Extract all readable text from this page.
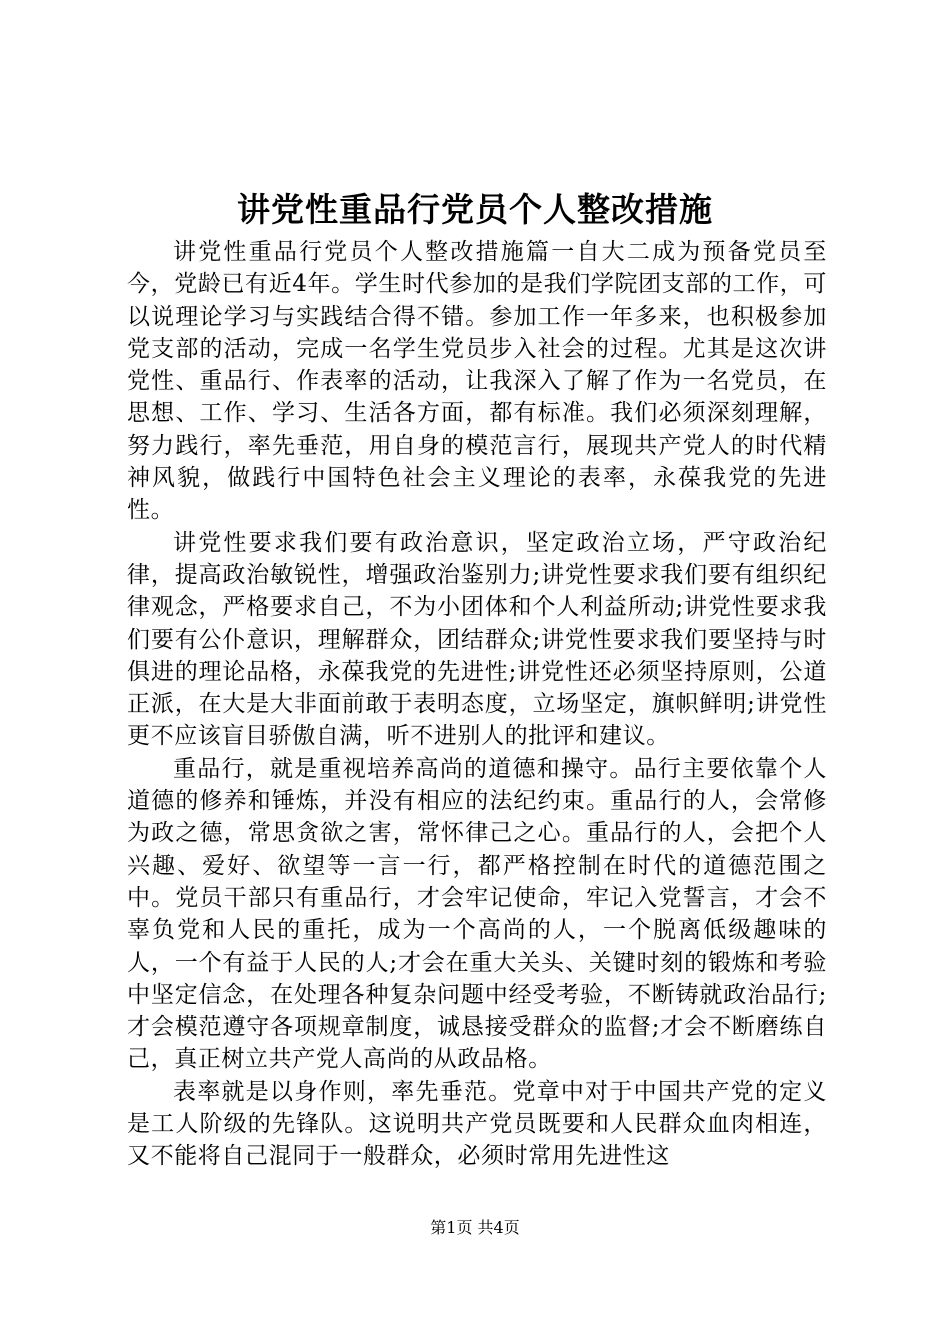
讲党性重品行党员个人整改措施

讲党性重品行党员个人整改措施篇一自大二成为预备党员至今，党龄已有近4年。学生时代参加的是我们学院团支部的工作，可以说理论学习与实践结合得不错。参加工作一年多来，也积极参加党支部的活动，完成一名学生党员步入社会的过程。尤其是这次讲党性、重品行、作表率的活动，让我深入了解了作为一名党员，在思想、工作、学习、生活各方面，都有标准。我们必须深刻理解，努力践行，率先垂范，用自身的模范言行，展现共产党人的时代精神风貌，做践行中国特色社会主义理论的表率，永葆我党的先进性。

讲党性要求我们要有政治意识，坚定政治立场，严守政治纪律，提高政治敏锐性，增强政治鉴别力;讲党性要求我们要有组织纪律观念，严格要求自己，不为小团体和个人利益所动;讲党性要求我们要有公仆意识，理解群众，团结群众;讲党性要求我们要坚持与时俱进的理论品格，永葆我党的先进性;讲党性还必须坚持原则，公道正派，在大是大非面前敢于表明态度，立场坚定，旗帜鲜明;讲党性更不应该盲目骄傲自满，听不进别人的批评和建议。

重品行，就是重视培养高尚的道德和操守。品行主要依靠个人道德的修养和锤炼，并没有相应的法纪约束。重品行的人，会常修为政之德，常思贪欲之害，常怀律己之心。重品行的人，会把个人兴趣、爱好、欲望等一言一行，都严格控制在时代的道德范围之中。党员干部只有重品行，才会牢记使命，牢记入党誓言，才会不辜负党和人民的重托，成为一个高尚的人，一个脱离低级趣味的人，一个有益于人民的人;才会在重大关头、关键时刻的锻炼和考验中坚定信念，在处理各种复杂问题中经受考验，不断铸就政治品行;才会模范遵守各项规章制度，诚恳接受群众的监督;才会不断磨练自己，真正树立共产党人高尚的从政品格。

表率就是以身作则，率先垂范。党章中对于中国共产党的定义是工人阶级的先锋队。这说明共产党员既要和人民群众血肉相连，又不能将自己混同于一般群众，必须时常用先进性这

第1页 共4页
